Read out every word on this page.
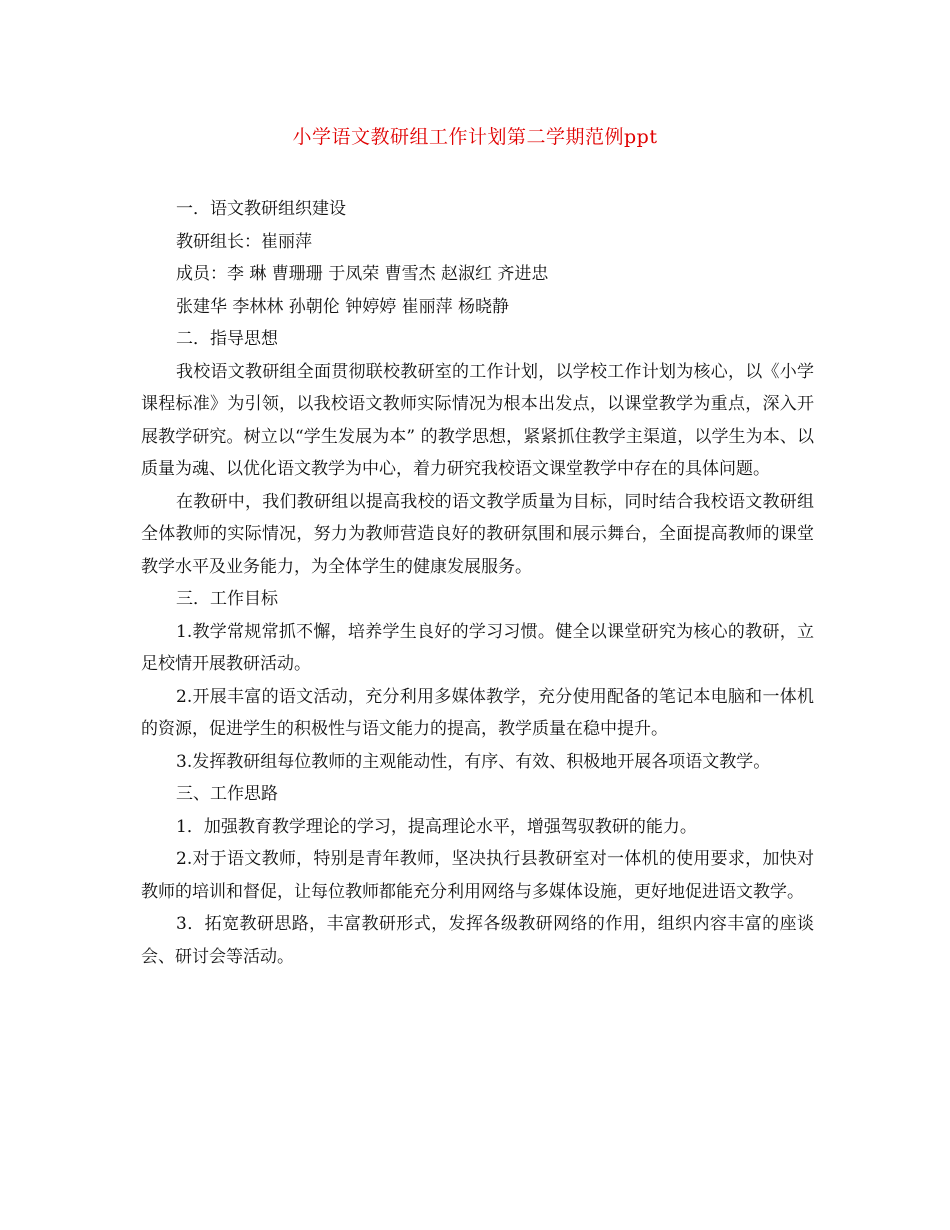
小学语文教研组工作计划第二学期范例ppt

一．语文教研组织建设

教研组长：崔丽萍

成员：李 琳 曹珊珊 于凤荣 曹雪杰 赵淑红 齐进忠

张建华 李林林 孙朝伦 钟婷婷 崔丽萍 杨晓静

二．指导思想

我校语文教研组全面贯彻联校教研室的工作计划，以学校工作计划为核心，以《小学课程标准》为引领，以我校语文教师实际情况为根本出发点，以课堂教学为重点，深入开展教学研究。树立以“学生发展为本” 的教学思想，紧紧抓住教学主渠道，以学生为本、以质量为魂、以优化语文教学为中心，着力研究我校语文课堂教学中存在的具体问题。

在教研中，我们教研组以提高我校的语文教学质量为目标，同时结合我校语文教研组全体教师的实际情况，努力为教师营造良好的教研氛围和展示舞台，全面提高教师的课堂教学水平及业务能力，为全体学生的健康发展服务。

三．工作目标

1.教学常规常抓不懈，培养学生良好的学习习惯。健全以课堂研究为核心的教研，立足校情开展教研活动。

2.开展丰富的语文活动，充分利用多媒体教学，充分使用配备的笔记本电脑和一体机的资源，促进学生的积极性与语文能力的提高，教学质量在稳中提升。

3.发挥教研组每位教师的主观能动性，有序、有效、积极地开展各项语文教学。

三、工作思路

1．加强教育教学理论的学习，提高理论水平，增强驾驭教研的能力。

2.对于语文教师，特别是青年教师，坚决执行县教研室对一体机的使用要求，加快对教师的培训和督促，让每位教师都能充分利用网络与多媒体设施，更好地促进语文教学。

3．拓宽教研思路，丰富教研形式，发挥各级教研网络的作用，组织内容丰富的座谈会、研讨会等活动。
